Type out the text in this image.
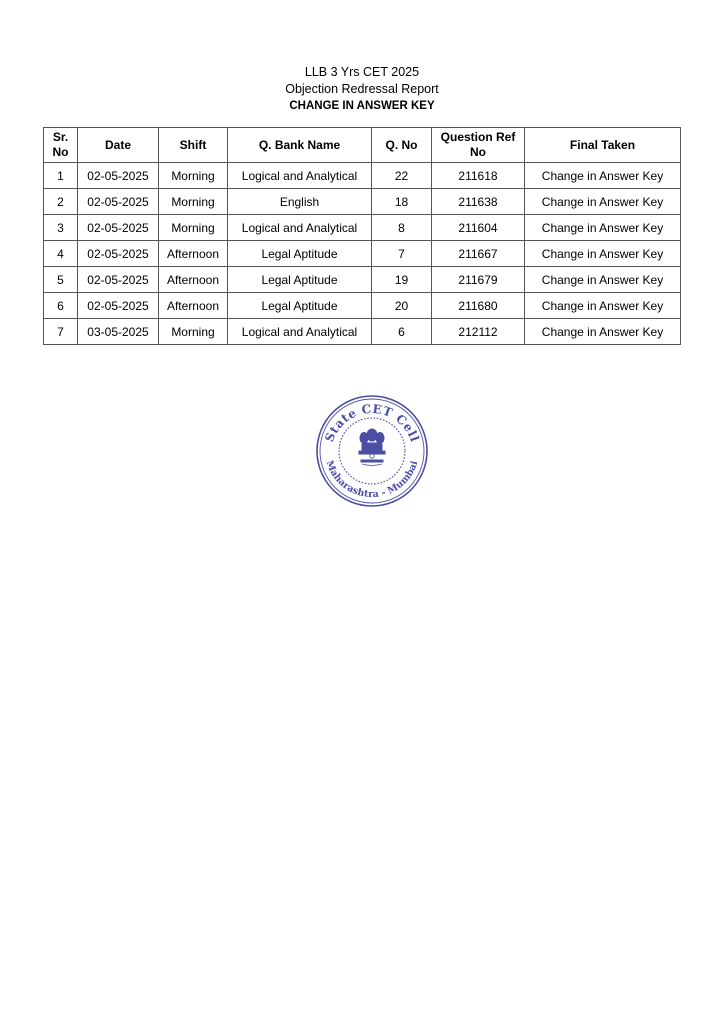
LLB 3 Yrs CET 2025
Objection Redressal Report
CHANGE IN ANSWER KEY
Sr. No	Date	Shift	Q. Bank Name	Q. No	Question Ref No	Final Taken
1	02-05-2025	Morning	Logical and Analytical	22	211618	Change in Answer Key
2	02-05-2025	Morning	English	18	211638	Change in Answer Key
3	02-05-2025	Morning	Logical and Analytical	8	211604	Change in Answer Key
4	02-05-2025	Afternoon	Legal Aptitude	7	211667	Change in Answer Key
5	02-05-2025	Afternoon	Legal Aptitude	19	211679	Change in Answer Key
6	02-05-2025	Afternoon	Legal Aptitude	20	211680	Change in Answer Key
7	03-05-2025	Morning	Logical and Analytical	6	212112	Change in Answer Key
State CET Cell
Maharashtra - Mumbai
